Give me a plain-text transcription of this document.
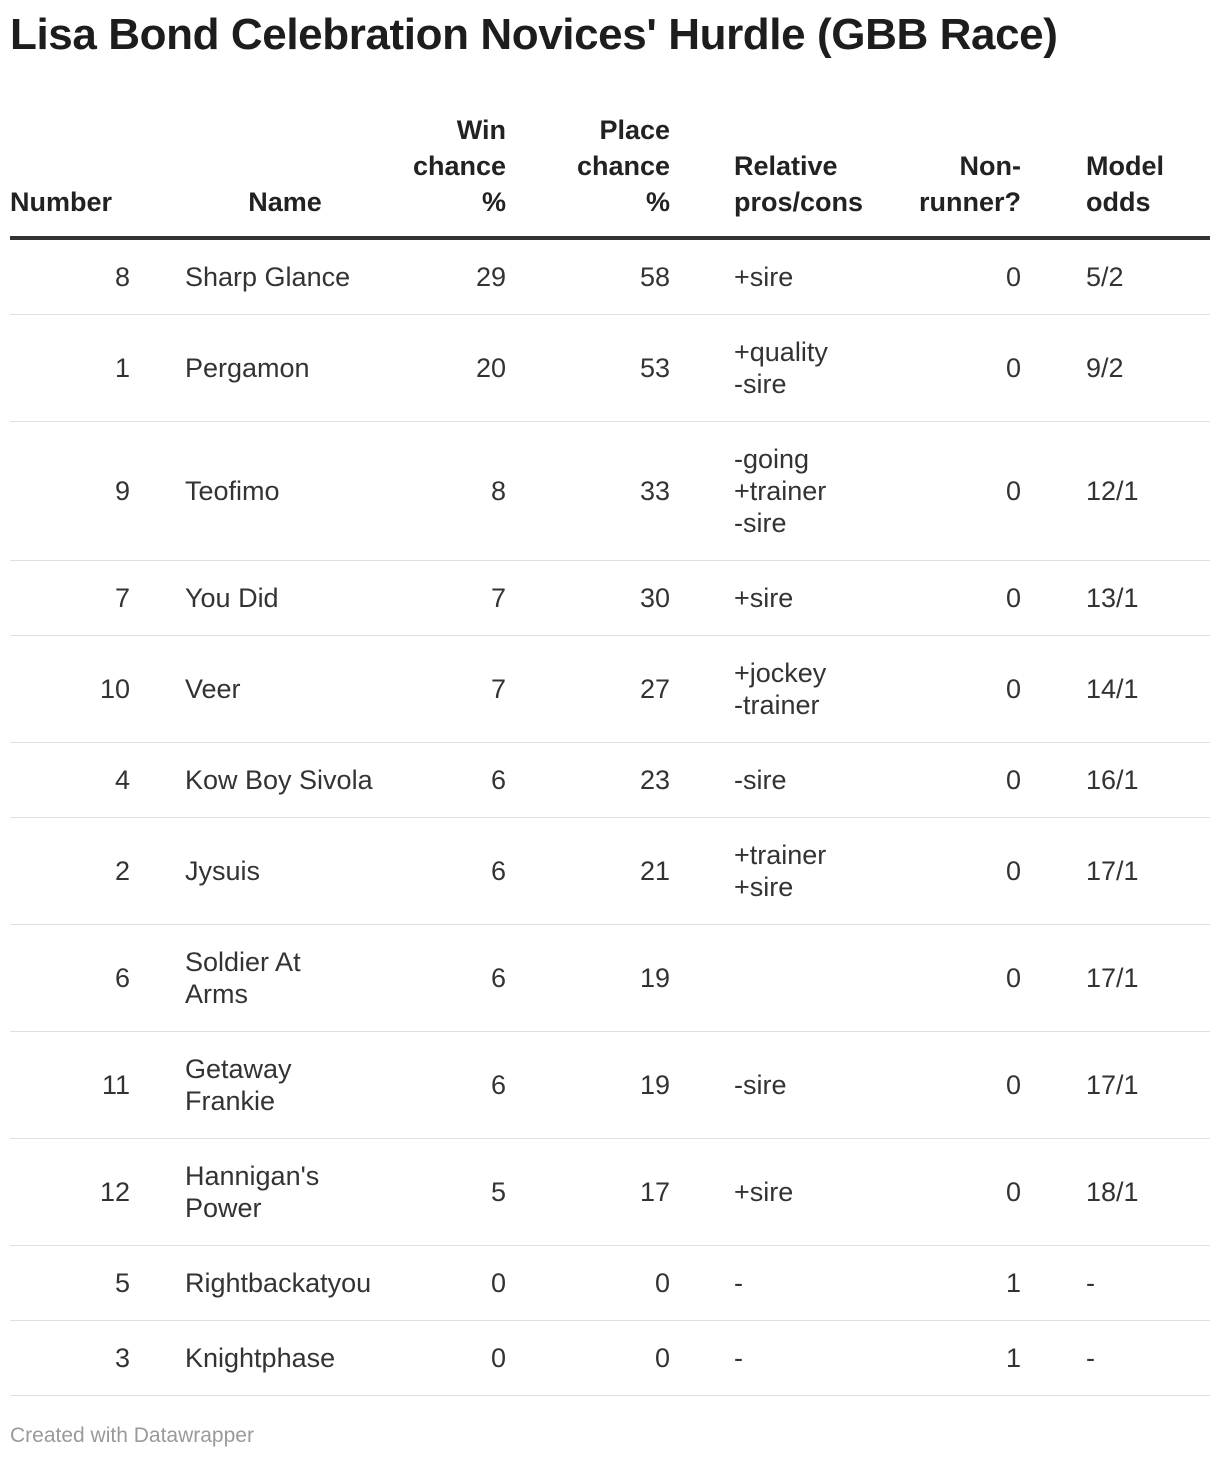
Lisa Bond Celebration Novices' Hurdle (GBB Race)
Number	Name	Win
chance
%	Place
chance
%	Relative
pros/cons	Non-
runner?	Model
odds

8	Sharp Glance	29	58	+sire	0	5/2
1	Pergamon	20	53	+quality
-sire	0	9/2
9	Teofimo	8	33	-going
+trainer
-sire	0	12/1
7	You Did	7	30	+sire	0	13/1
10	Veer	7	27	+jockey
-trainer	0	14/1
4	Kow Boy Sivola	6	23	-sire	0	16/1
2	Jysuis	6	21	+trainer
+sire	0	17/1
6	Soldier At
Arms	6	19		0	17/1
11	Getaway
Frankie	6	19	-sire	0	17/1
12	Hannigan's
Power	5	17	+sire	0	18/1
5	Rightbackatyou	0	0	-	1	-
3	Knightphase	0	0	-	1	-
Created with Datawrapper
